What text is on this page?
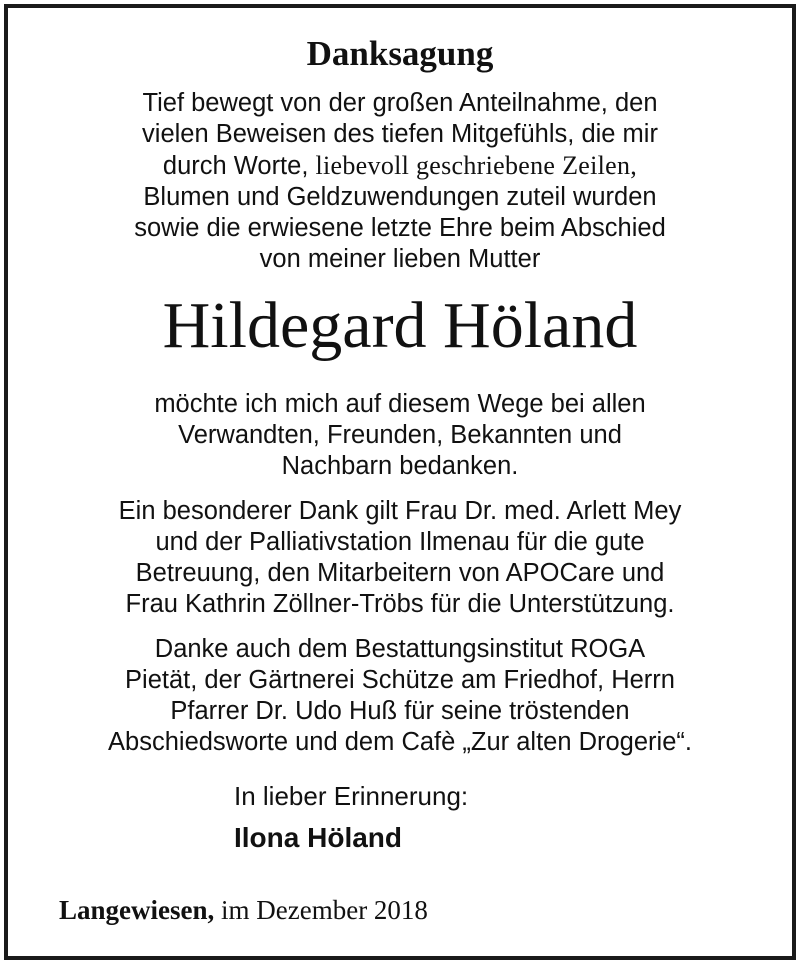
Danksagung
Tief bewegt von der großen Anteilnahme, den
vielen Beweisen des tiefen Mitgefühls, die mir
durch Worte, liebevoll geschriebene Zeilen,
Blumen und Geldzuwendungen zuteil wurden
sowie die erwiesene letzte Ehre beim Abschied
von meiner lieben Mutter
Hildegard Höland
möchte ich mich auf diesem Wege bei allen
Verwandten, Freunden, Bekannten und
Nachbarn bedanken.
Ein besonderer Dank gilt Frau Dr. med. Arlett Mey
und der Palliativstation Ilmenau für die gute
Betreuung, den Mitarbeitern von APOCare und
Frau Kathrin Zöllner-Tröbs für die Unterstützung.
Danke auch dem Bestattungsinstitut ROGA
Pietät, der Gärtnerei Schütze am Friedhof, Herrn
Pfarrer Dr. Udo Huß für seine tröstenden
Abschiedsworte und dem Cafè „Zur alten Drogerie“.
In lieber Erinnerung:
Ilona Höland
Langewiesen, im Dezember 2018
